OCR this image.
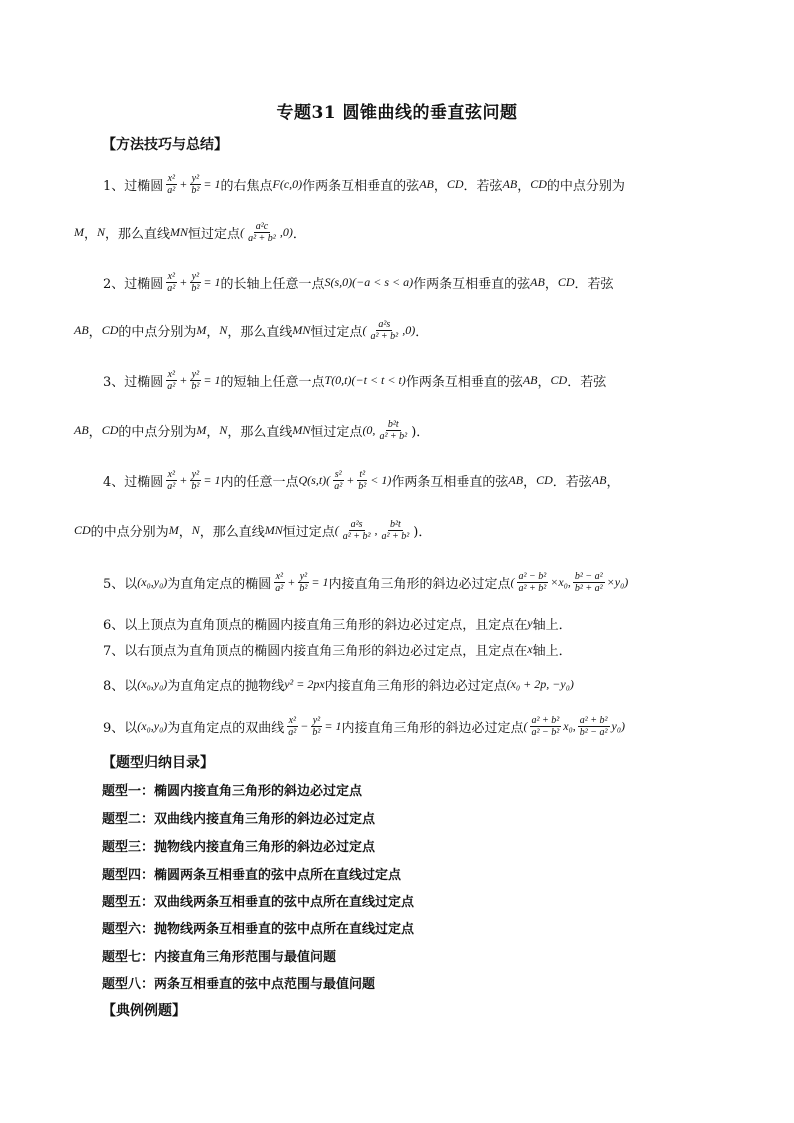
专题31 圆锥曲线的垂直弦问题
【方法技巧与总结】
1、过椭圆 $\frac{\text{x²}}{\text{a²}} + \frac{\text{y²}}{\text{b²}} = 1$ 的右焦点 F(c,0) 作两条互相垂直的弦 AB ， CD ．若弦 AB ， CD 的中点分别为
M ， N ，那么直线 MN 恒过定点 ( $\frac{\text{a²c}}{\text{a² + b²}} ,0$) ．
2、过椭圆 $\frac{\text{x²}}{\text{a²}} + \frac{\text{y²}}{\text{b²}} = 1$ 的长轴上任意一点 S(s,0)(−a < s < a) 作两条互相垂直的弦 AB ， CD ．若弦
AB ， CD 的中点分别为 M ， N ，那么直线 MN 恒过定点 ( $\frac{\text{a²s}}{\text{a² + b²}} ,0$) ．
3、过椭圆 $\frac{\text{x²}}{\text{a²}} + \frac{\text{y²}}{\text{b²}} = 1$ 的短轴上任意一点 T(0,t)(−t < t < t) 作两条互相垂直的弦 AB ， CD ．若弦
AB ， CD 的中点分别为 M ， N ，那么直线 MN 恒过定点 (0, $\frac{\text{b²t}}{\text{a² + b²}}$ )．
4、过椭圆 $\frac{\text{x²}}{\text{a²}} + \frac{\text{y²}}{\text{b²}} = 1$ 内的任意一点 $Q(s,t)( \frac{\text{s²}}{\text{a²}} + \frac{\text{t²}}{\text{b²}} < 1)$ 作两条互相垂直的弦 AB ， CD ．若弦 AB ，
CD 的中点分别为 M ， N ，那么直线 MN 恒过定点 ( $\frac{\text{a²s}}{\text{a² + b²}}$ , $\frac{\text{b²t}}{\text{a² + b²}}$ )．
5、以 (x₀,y₀) 为直角定点的椭圆 $\frac{\text{x²}}{\text{a²}} + \frac{\text{y²}}{\text{b²}} = 1$ 内接直角三角形的斜边必过定点 ( $\frac{\text{a² − b²}}{\text{a² + b²}} \times x_0$ , $\frac{\text{b² − a²}}{\text{b² + a²}} \times y_0$ )
6、以上顶点为直角顶点的椭圆内接直角三角形的斜边必过定点，且定点在 y 轴上．
7、以右顶点为直角顶点的椭圆内接直角三角形的斜边必过定点，且定点在 x 轴上．
8、以 (x₀,y₀) 为直角定点的抛物线 y² = 2px 内接直角三角形的斜边必过定点 (x₀ + 2p, −y₀)
9、以 (x₀,y₀) 为直角定点的双曲线 $\frac{\text{x²}}{\text{a²}} - \frac{\text{y²}}{\text{b²}} = 1$ 内接直角三角形的斜边必过定点 ( $\frac{\text{a² + b²}}{\text{a² − b²}} x_0$ , $\frac{\text{a² + b²}}{\text{b² − a²}} y_0$ )
【题型归纳目录】
题型一：椭圆内接直角三角形的斜边必过定点
题型二：双曲线内接直角三角形的斜边必过定点
题型三：抛物线内接直角三角形的斜边必过定点
题型四：椭圆两条互相垂直的弦中点所在直线过定点
题型五：双曲线两条互相垂直的弦中点所在直线过定点
题型六：抛物线两条互相垂直的弦中点所在直线过定点
题型七：内接直角三角形范围与最值问题
题型八：两条互相垂直的弦中点范围与最值问题
【典例例题】
